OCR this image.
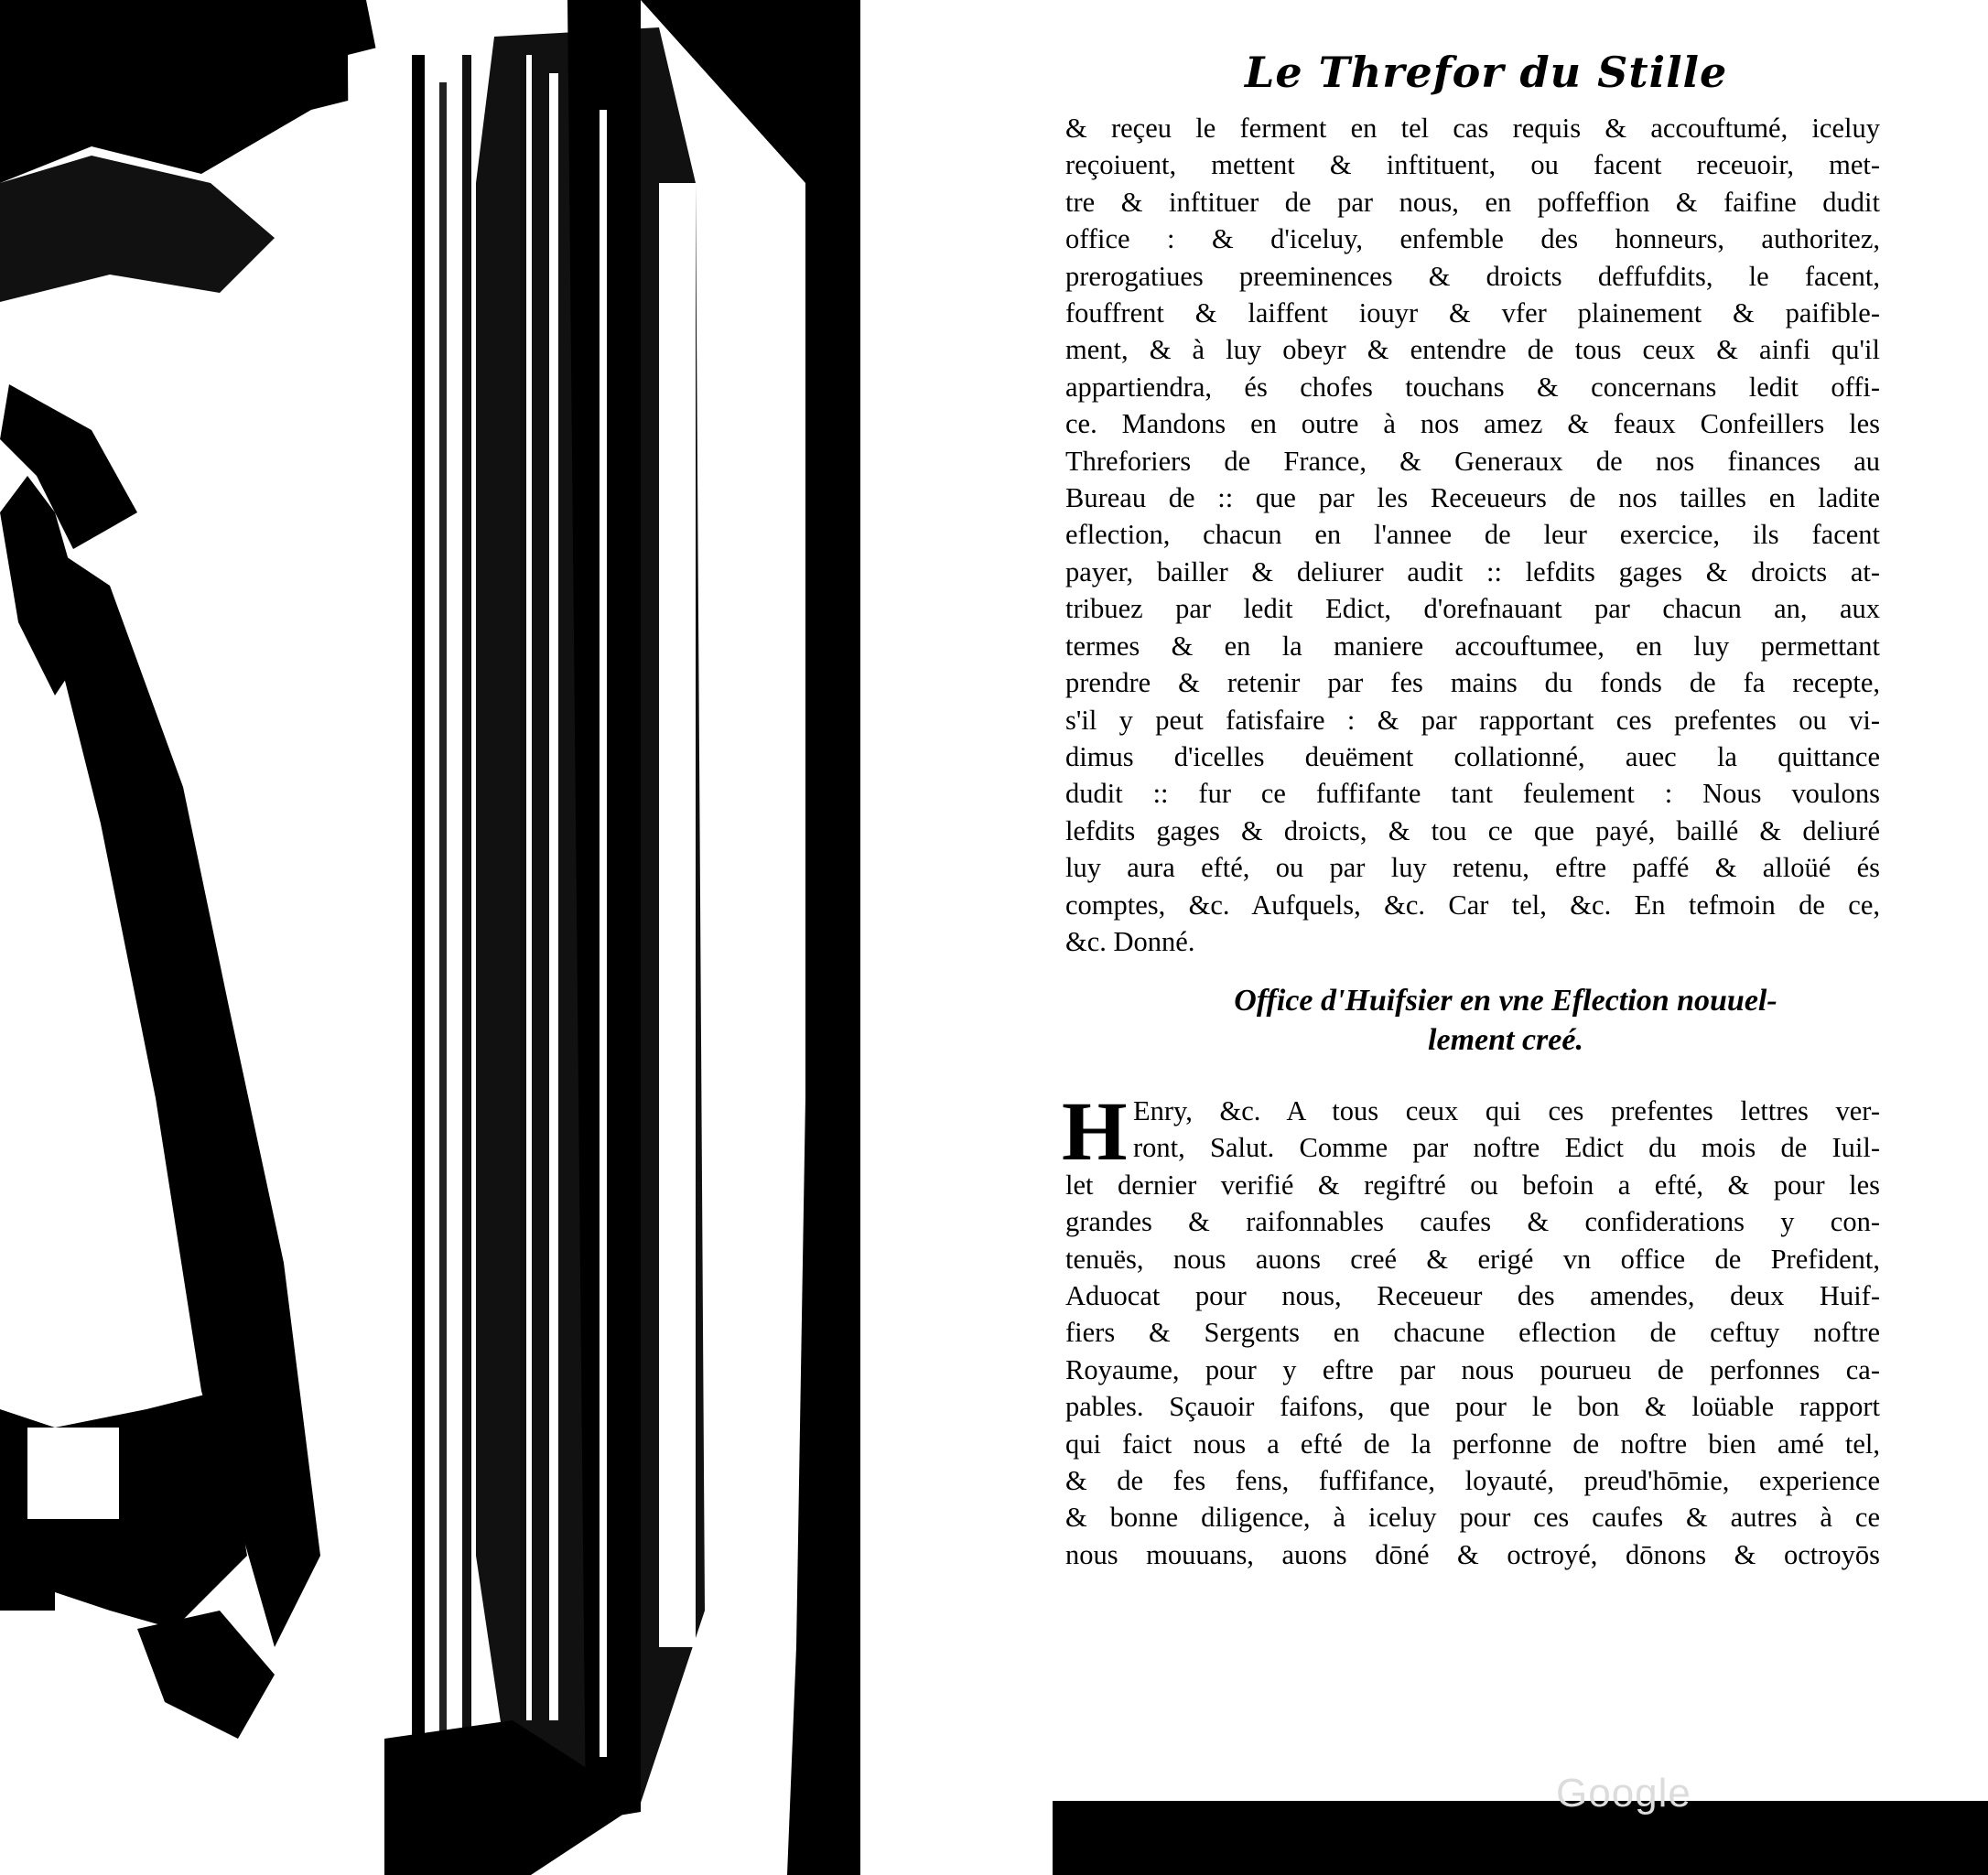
Le Threfor du Stille
& reçeu le ferment en tel cas requis & accouftumé, iceluy
reçoiuent, mettent & inftituent, ou facent receuoir, met-
tre & inftituer de par nous, en poffeffion & faifine dudit
office : & d'iceluy, enfemble des honneurs, authoritez,
prerogatiues preeminences & droicts deffufdits, le facent,
fouffrent & laiffent iouyr & vfer plainement & paifible-
ment, & à luy obeyr & entendre de tous ceux & ainfi qu'il
appartiendra, és chofes touchans & concernans ledit offi-
ce. Mandons en outre à nos amez & feaux Confeillers les
Threforiers de France, & Generaux de nos finances au
Bureau de :: que par les Receueurs de nos tailles en ladite
eflection, chacun en l'annee de leur exercice, ils facent
payer, bailler & deliurer audit :: lefdits gages & droicts at-
tribuez par ledit Edict, d'orefnauant par chacun an, aux
termes & en la maniere accouftumee, en luy permettant
prendre & retenir par fes mains du fonds de fa recepte,
s'il y peut fatisfaire : & par rapportant ces prefentes ou vi-
dimus d'icelles deuëment collationné, auec la quittance
dudit :: fur ce fuffifante tant feulement : Nous voulons
lefdits gages & droicts, & tou ce que payé, baillé & deliuré
luy aura efté, ou par luy retenu, eftre paffé & alloüé és
comptes, &c. Aufquels, &c. Car tel, &c. En tefmoin de ce,
&c. Donné.
Office d'Huifsier en vne Eflection nouuel-
lement creé.
H Enry, &c. A tous ceux qui ces prefentes lettres ver-
ront, Salut. Comme par noftre Edict du mois de Iuil-
let dernier verifié & regiftré ou befoin a efté, & pour les
grandes & raifonnables caufes & confiderations y con-
tenuës, nous auons creé & erigé vn office de Prefident,
Aduocat pour nous, Receueur des amendes, deux Huif-
fiers & Sergents en chacune eflection de ceftuy noftre
Royaume, pour y eftre par nous pourueu de perfonnes ca-
pables. Sçauoir faifons, que pour le bon & loüable rapport
qui faict nous a efté de la perfonne de noftre bien amé tel,
& de fes fens, fuffifance, loyauté, preud'hōmie, experience
& bonne diligence, à iceluy pour ces caufes & autres à ce
nous mouuans, auons dōné & octroyé, dōnons & octroyōs
Google
